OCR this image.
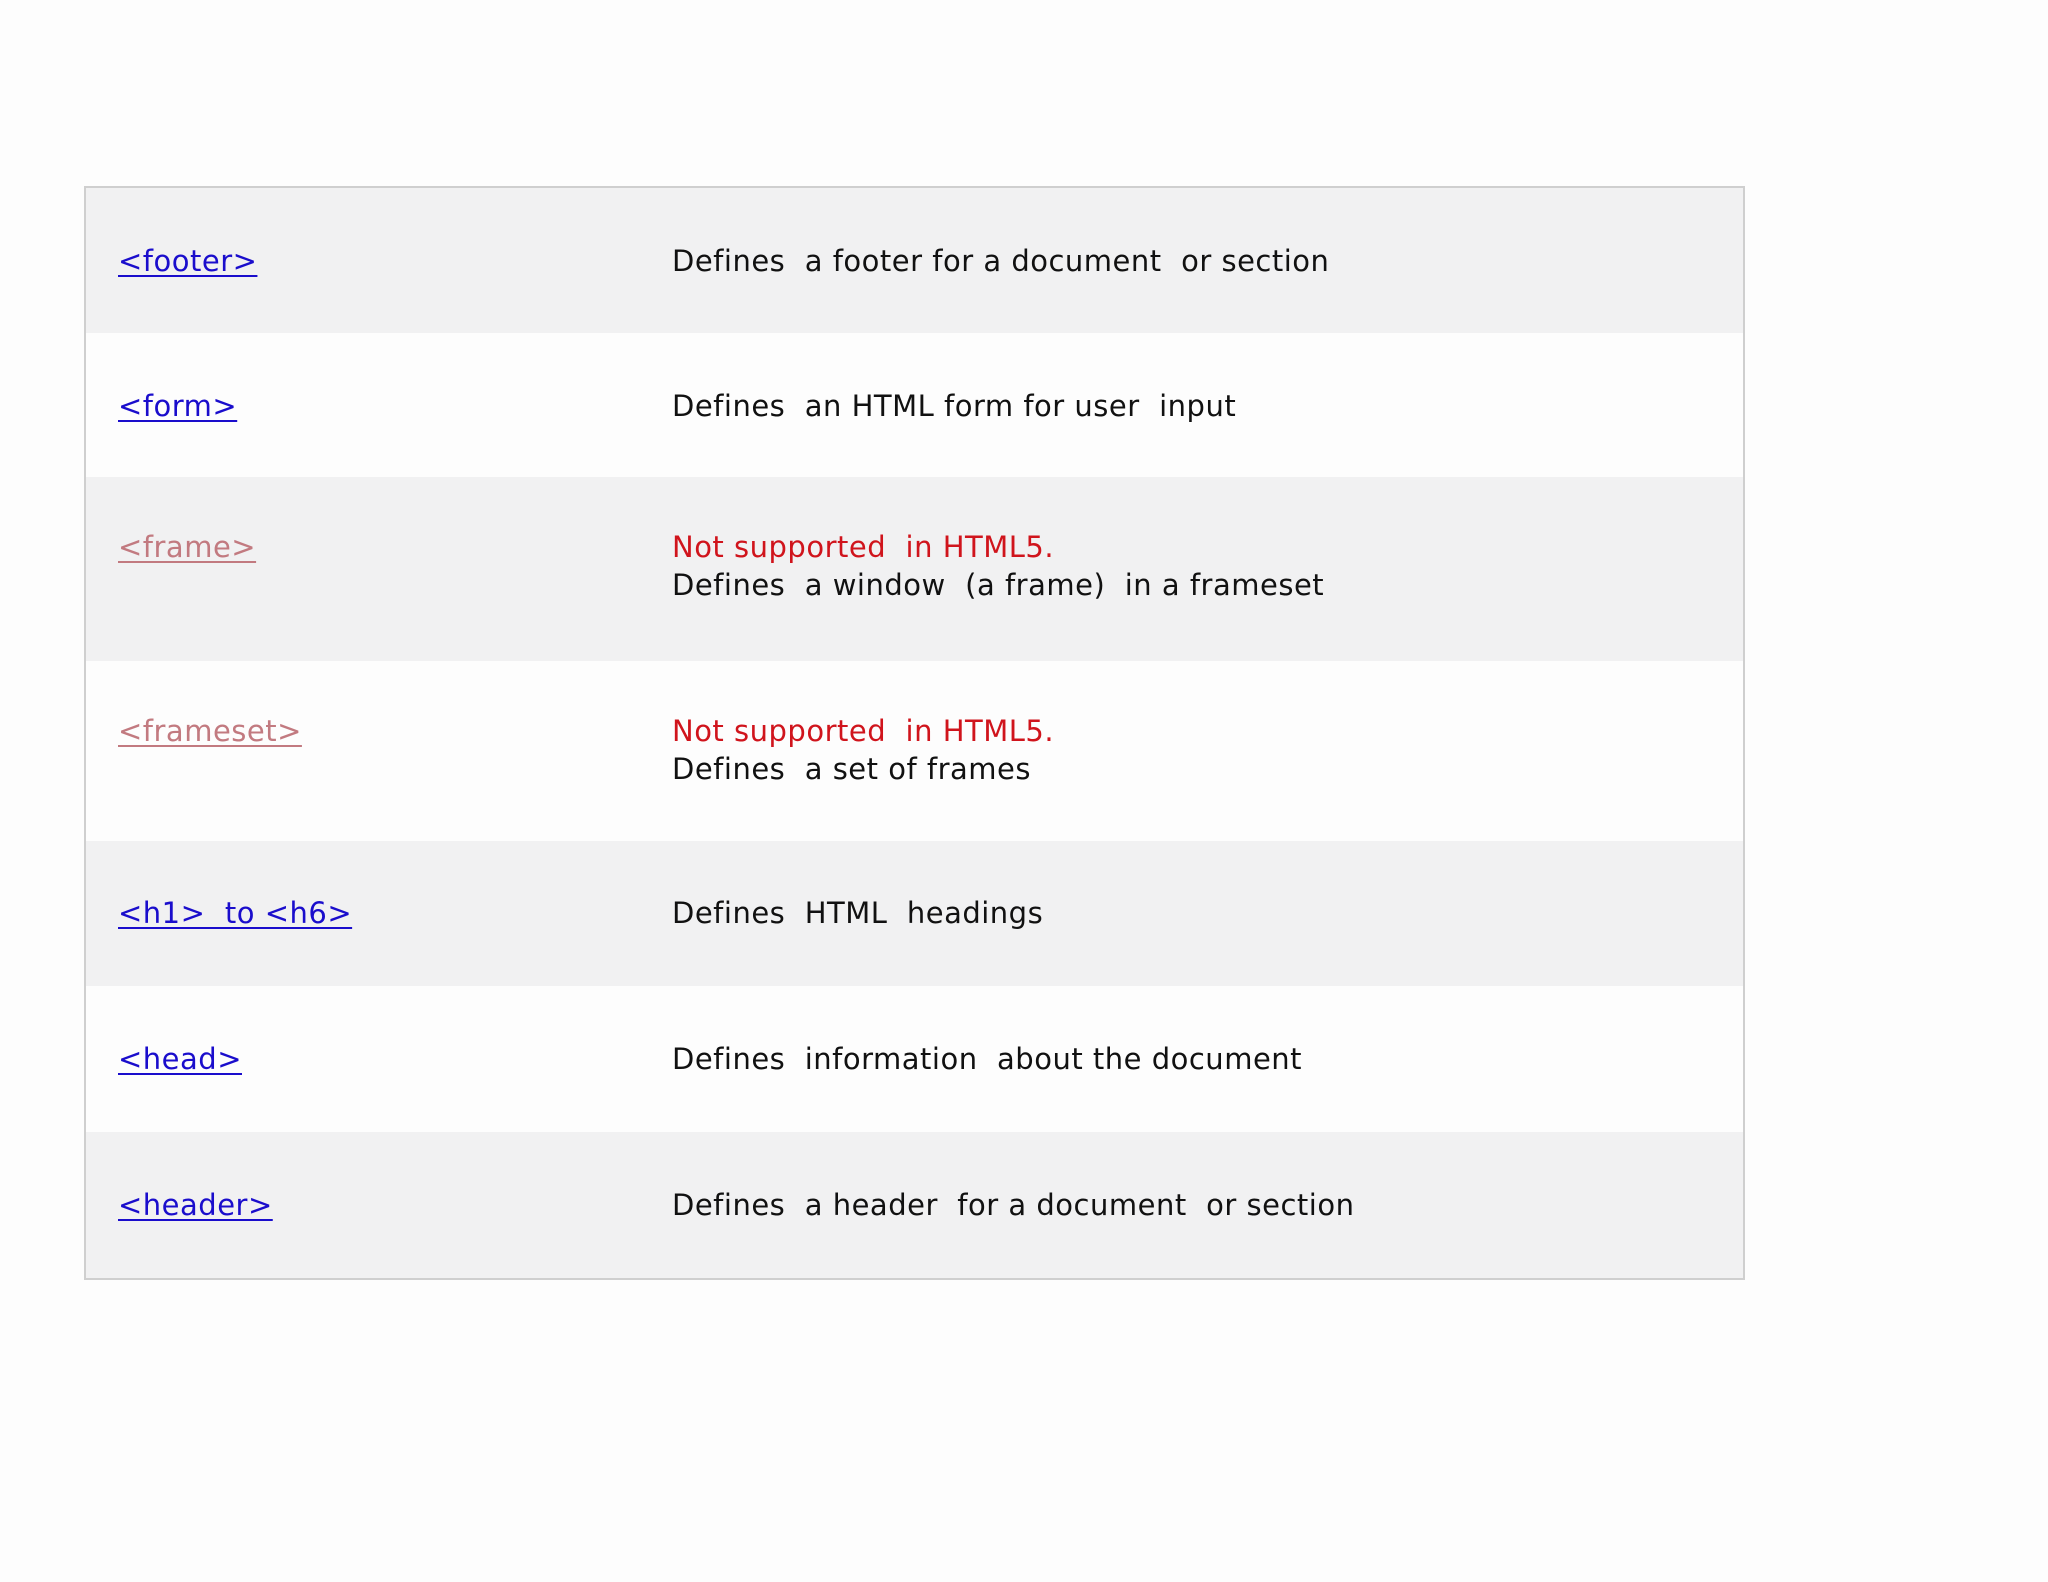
<footer>	Defines  a footer for a document  or section

<form>	Defines  an HTML form for user  input

<frame>	Not supported  in HTML5.
Defines  a window  (a frame)  in a frameset

<frameset>	Not supported  in HTML5.
Defines  a set of frames

<h1>  to <h6>	Defines  HTML  headings

<head>	Defines  information  about the document

<header>	Defines  a header  for a document  or section
